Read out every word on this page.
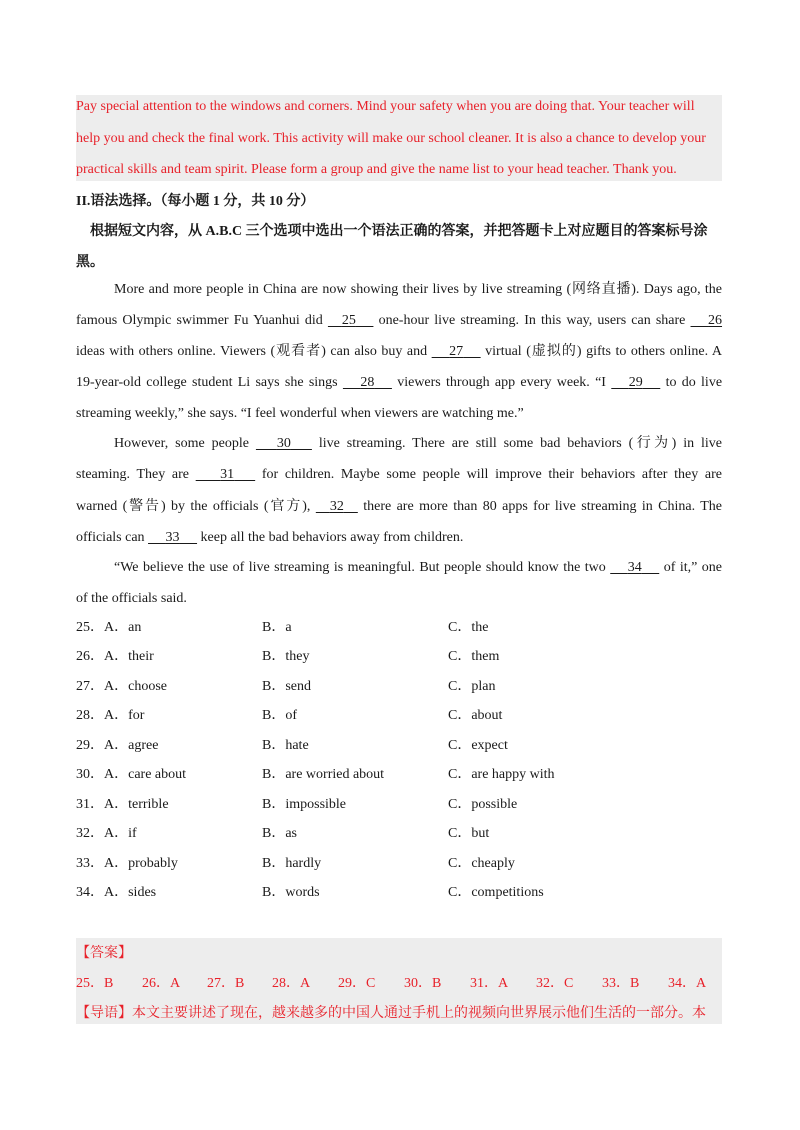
Pay special attention to the windows and corners. Mind your safety when you are doing that. Your teacher will
help you and check the final work. This activity will make our school cleaner. It is also a chance to develop your
practical skills and team spirit. Please form a group and give the name list to your head teacher. Thank you.
II.语法选择。（每小题 1 分，共 10 分）
根据短文内容，从 A.B.C 三个选项中选出一个语法正确的答案，并把答题卡上对应题目的答案标号涂
黑。
More and more people in China are now showing their lives by live streaming (网络直播). Days ago, the
famous Olympic swimmer Fu Yuanhui did 25 one-hour live streaming. In this way, users can share 26
ideas with others online. Viewers (观看者) can also buy and 27 virtual (虚拟的) gifts to others online. A
19-year-old college student Li says she sings 28 viewers through app every week. “I 29 to do live
streaming weekly,” she says. “I feel wonderful when viewers are watching me.”
However, some people 30 live streaming. There are still some bad behaviors (行为) in live
steaming. They are 31 for children. Maybe some people will improve their behaviors after they are
warned (警告) by the officials (官方), 32 there are more than 80 apps for live streaming in China. The
officials can 33 keep all the bad behaviors away from children.
“We believe the use of live streaming is meaningful. But people should know the two 34 of it,” one
of the officials said.
25．A．an	B．a	C．the
26．A．their	B．they	C．them
27．A．choose	B．send	C．plan
28．A．for	B．of	C．about
29．A．agree	B．hate	C．expect
30．A．care about	B．are worried about	C．are happy with
31．A．terrible	B．impossible	C．possible
32．A．if	B．as	C．but
33．A．probably	B．hardly	C．cheaply
34．A．sides	B．words	C．competitions
【答案】
25．B 26．A 27．B 28．A 29．C 30．B 31．A 32．C 33．B 34．A
【导语】本文主要讲述了现在，越来越多的中国人通过手机上的视频向世界展示他们生活的一部分。本
